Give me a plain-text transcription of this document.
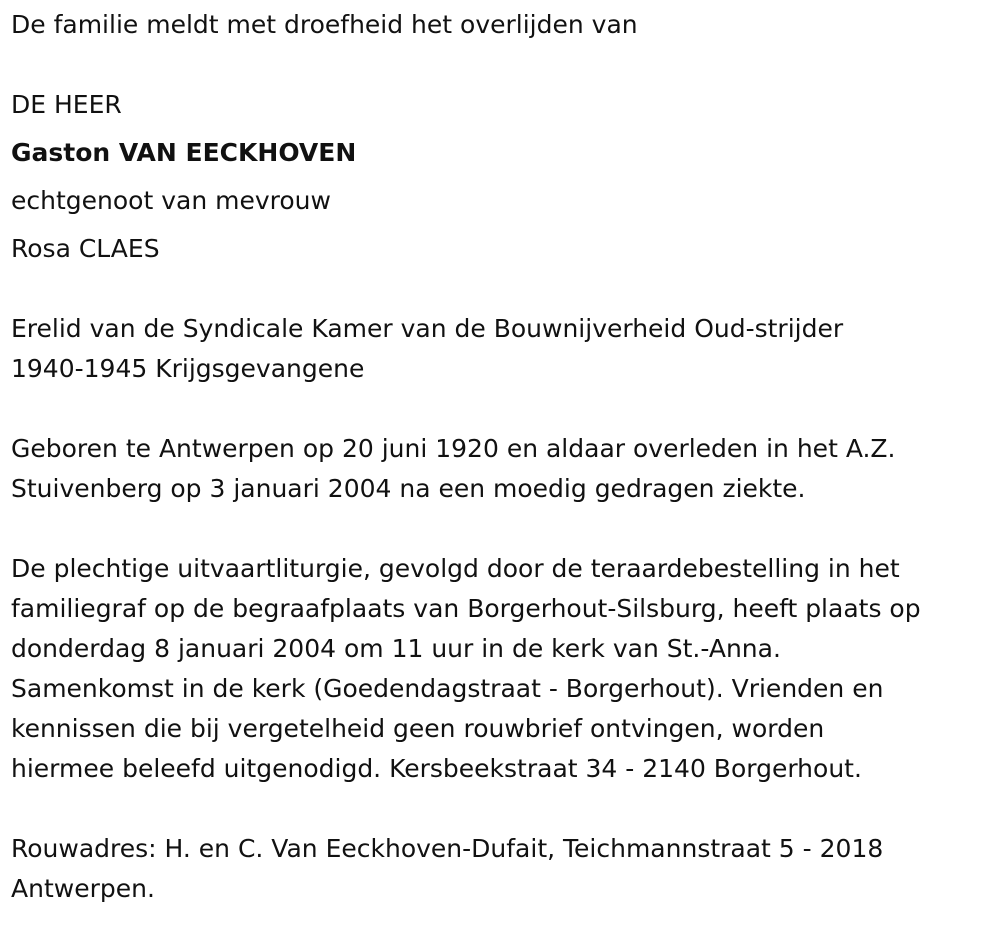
De familie meldt met droefheid het overlijden van
DE HEER
Gaston VAN EECKHOVEN
echtgenoot van mevrouw
Rosa CLAES
Erelid van de Syndicale Kamer van de Bouwnijverheid Oud-strijder
1940-1945 Krijgsgevangene
Geboren te Antwerpen op 20 juni 1920 en aldaar overleden in het A.Z.
Stuivenberg op 3 januari 2004 na een moedig gedragen ziekte.
De plechtige uitvaartliturgie, gevolgd door de teraardebestelling in het
familiegraf op de begraafplaats van Borgerhout-Silsburg, heeft plaats op
donderdag 8 januari 2004 om 11 uur in de kerk van St.-Anna.
Samenkomst in de kerk (Goedendagstraat - Borgerhout). Vrienden en
kennissen die bij vergetelheid geen rouwbrief ontvingen, worden
hiermee beleefd uitgenodigd. Kersbeekstraat 34 - 2140 Borgerhout.
Rouwadres: H. en C. Van Eeckhoven-Dufait, Teichmannstraat 5 - 2018
Antwerpen.
